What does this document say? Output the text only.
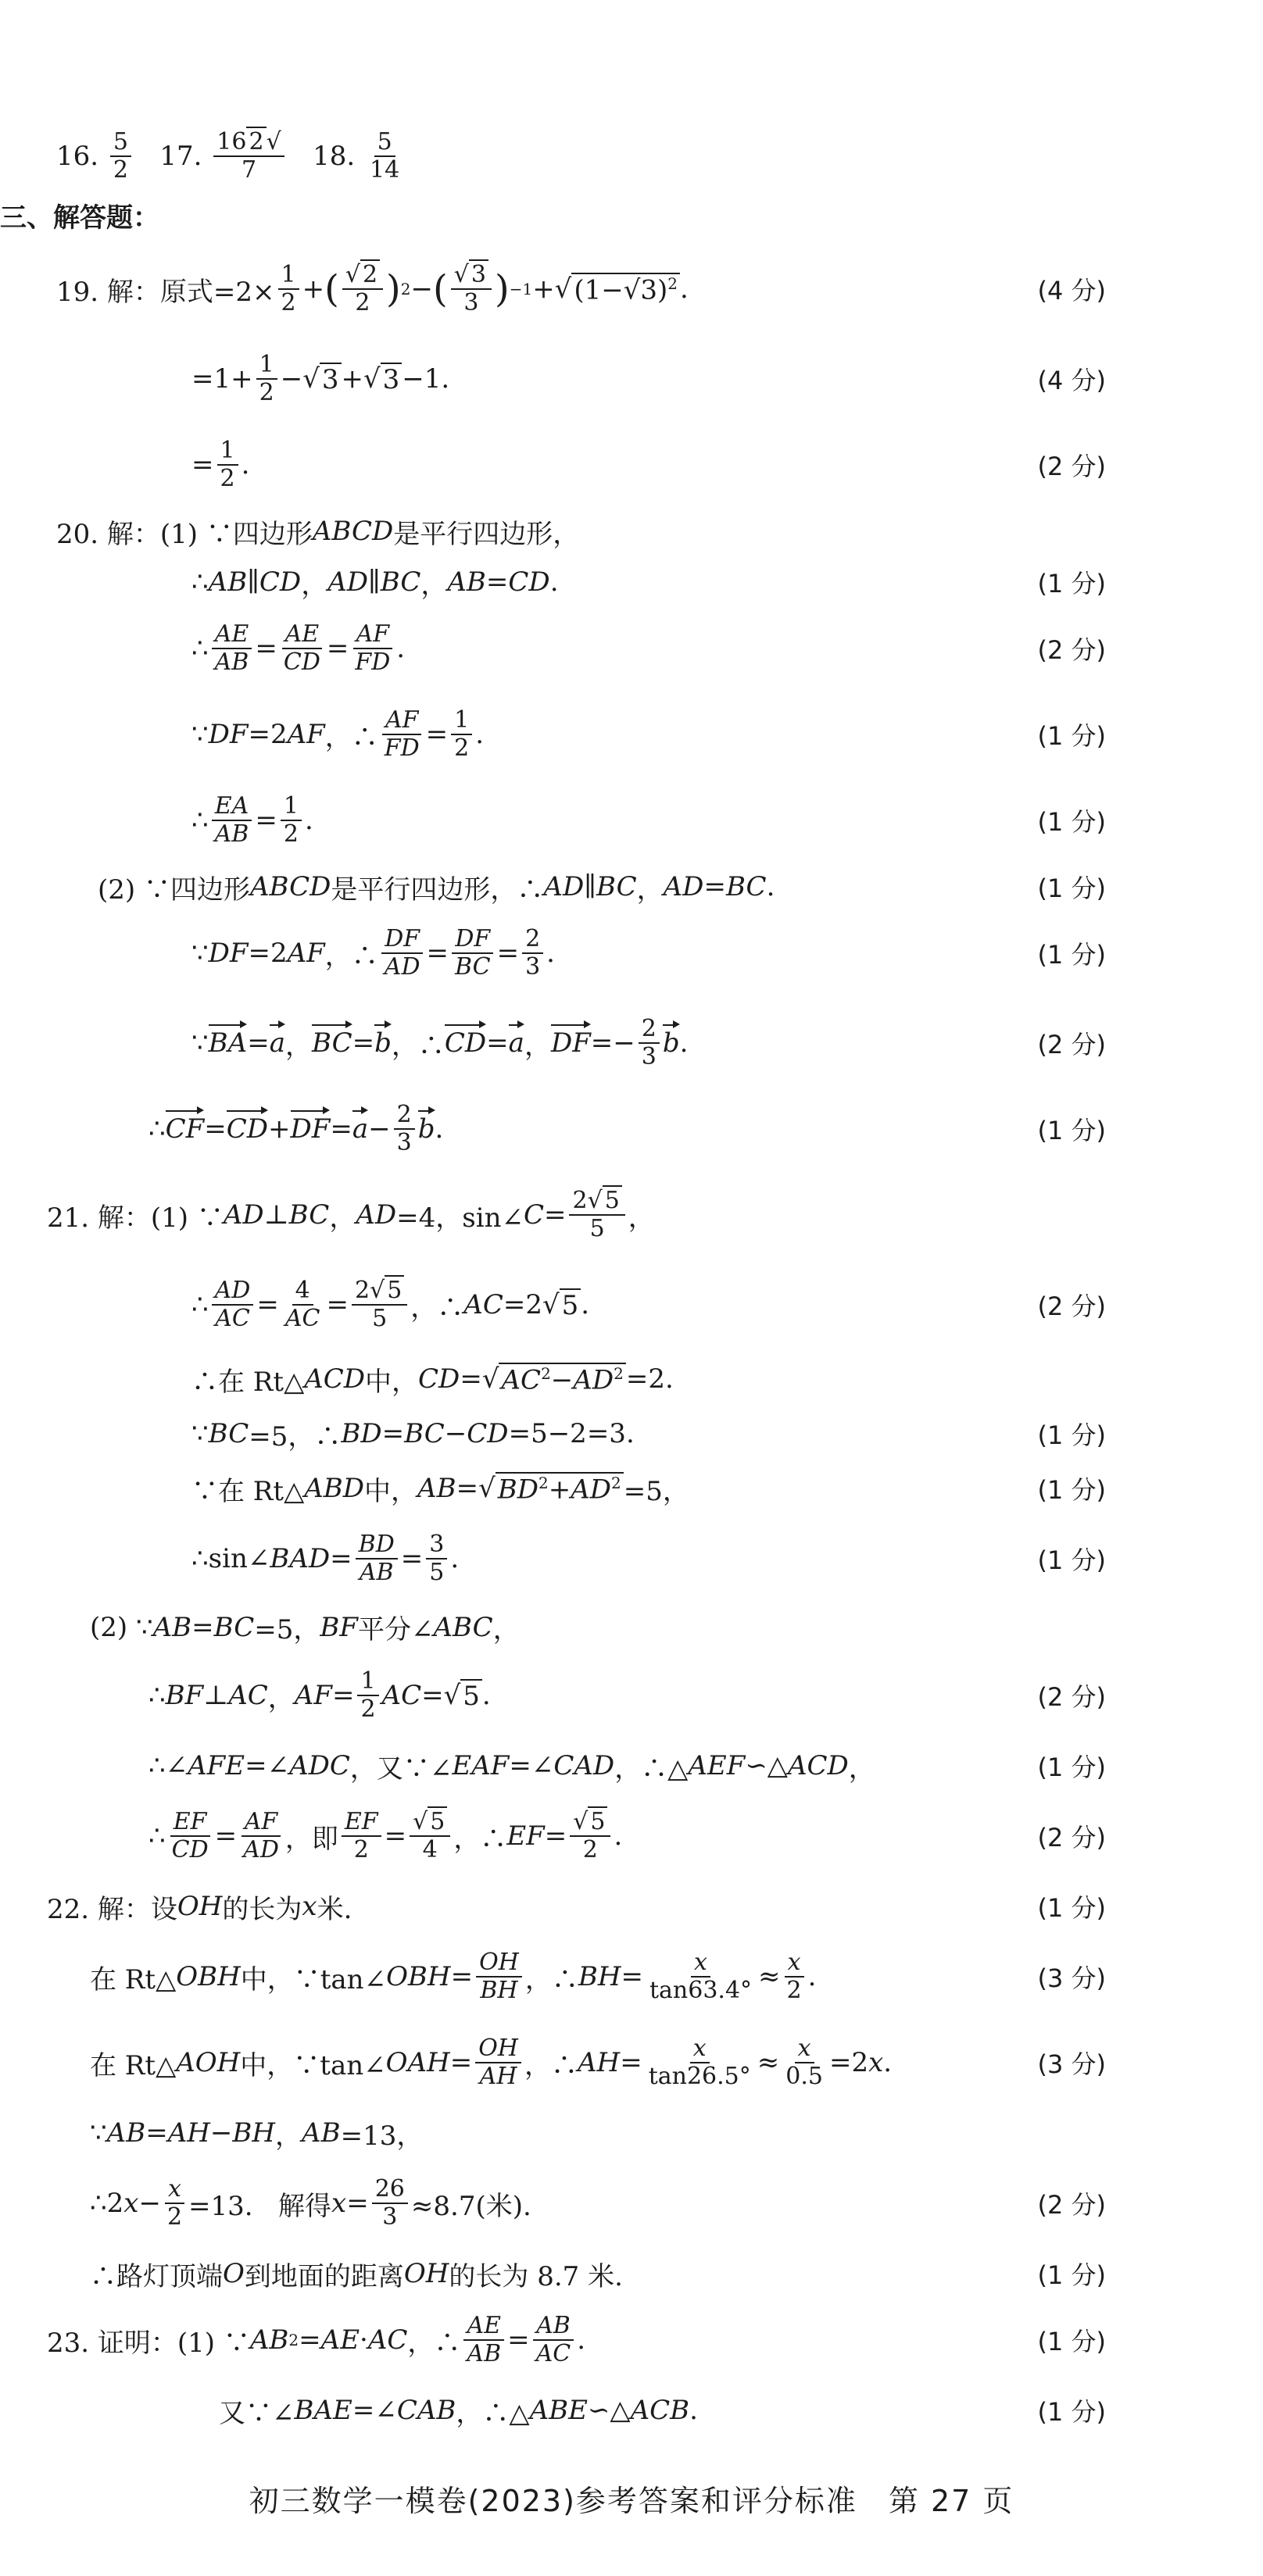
16. $\frac{5}{2} 17$. $\frac{16 2 √}{7} 18$. $\frac{5}{14}$
三、解答题：
19. 解：原式$=2\times \frac{1}{2}$ + ( $\frac{√ 2}{2}$ ) 2 − ( $\frac{√ 3}{3}$ ) −1 +√ $(1-√3)^2$ .	(4 分)
$=1+ \frac{1}{2}$ −√ 3 +√ 3 −1.	(4 分)
= $\frac{1}{2}$ .	(2 分)
20. 解：(1) ∵四边形 ABCD 是平行四边形，
∴ AB ∥ CD ， AD ∥ BC ， AB = CD .	(1 分)
∴ $\frac{AE}{AB} = \frac{AE}{CD} = \frac{AF}{FD}$ .	(2 分)
∵ DF =2 AF ，∴ $\frac{AF}{FD} = \frac{1}{2}$ .	(1 分)
∴ $\frac{EA}{AB} = \frac{1}{2}$ .	(1 分)
(2) ∵四边形 ABCD 是平行四边形，∴ AD ∥ BC ， AD = BC .	(1 分)
∵ DF =2 AF ，∴ $\frac{DF}{AD} = \frac{DF}{BC} = \frac{2}{3}$ .	(1 分)
∵ BA = a ， BC = b ，∴ CD = a ， DF =− $\frac{2}{3}$ b .	(2 分)
∴ CF = CD + DF = $a - \frac{2}{3}$ b .	(1 分)
21. 解：(1) ∵ AD ⊥ BC ， AD =4，sin∠ $C = \frac{2√ 5}{5}$ ，
∴ $\frac{AD}{AC} = \frac{4}{AC} = \frac{2√ 5}{5}$ ，∴ AC =2√ 5 .	(2 分)
∴在 Rt△ ACD 中， CD =√ $AC^2-AD^2 =2$.
∵ BC =5，∴ BD = BC − CD =5−2=3.	(1 分)
∵在 Rt△ ABD 中， AB =√ $BD^2+AD^2 =5$，	(1 分)
∴sin∠ BAD = $\frac{BD}{AB} = \frac{3}{5}$ .	(1 分)
(2) ∵ AB = BC =5， BF 平分∠ ABC ，
∴ BF ⊥ AC ， AF = $\frac{1}{2}$ AC =√ 5 .	(2 分)
∴∠ AFE =∠ ADC ，又∵∠ EAF =∠ CAD ，∴△ AEF ∽△ ACD ，	(1 分)
∴ $\frac{EF}{CD} = \frac{AF}{AD}$ ，即 $\frac{EF}{2} = \frac{√ 5}{4}$ ，∴ EF = $\frac{√ 5}{2}$ .	(2 分)
22. 解：设 OH 的长为 x 米.	(1 分)
在 Rt△ OBH 中，∵tan∠ OBH = $\frac{OH}{BH}$ ，∴ BH = $\frac{x}{\tan 63.4^\circ} \approx \frac{x}{2}$ .	(3 分)
在 Rt△ AOH 中，∵tan∠ OAH = $\frac{OH}{AH}$ ，∴ AH = $\frac{x}{\tan 26.5^\circ} \approx \frac{x}{0.5} =2$ x .	(3 分)
∵ AB = AH − BH ， AB =13，
∴2 $x - \frac{x}{2} =13$.   解得 $x = \frac{26}{3} \approx 8.7$(米).	(2 分)
∴路灯顶端 O 到地面的距离 OH 的长为 8.7 米.	(1 分)
23. 证明：(1) ∵ AB 2 = AE · AC ，∴ $\frac{AE}{AB} = \frac{AB}{AC}$ .	(1 分)
又∵∠ BAE =∠ CAB ，∴△ ABE ∽△ ACB .	(1 分)
初三数学一模卷(2023)参考答案和评分标准　第 27 页
